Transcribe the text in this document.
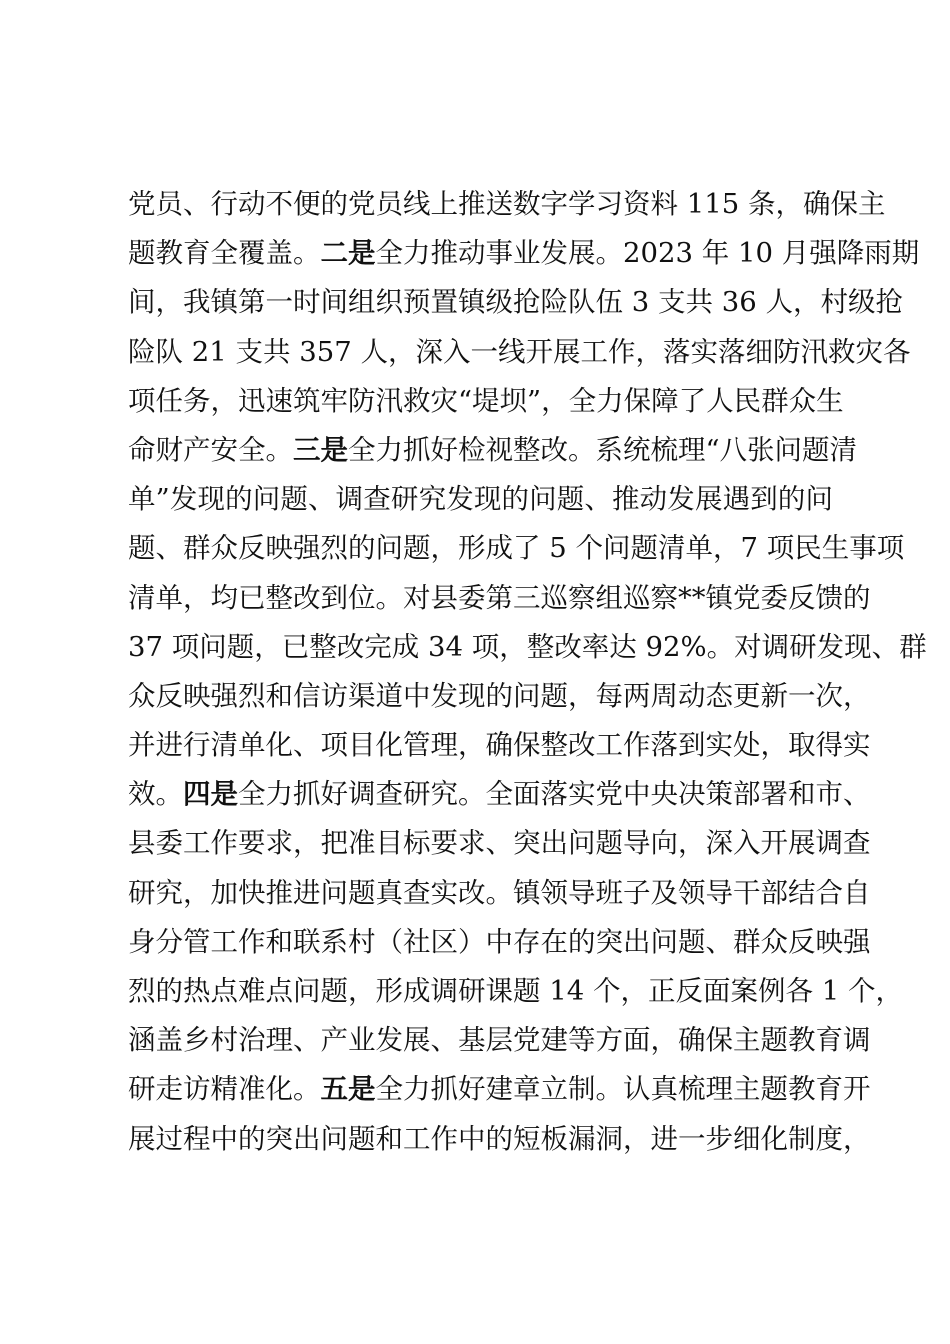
党员、行动不便的党员线上推送数字学习资料 115 条，确保主
题教育全覆盖。二是全力推动事业发展。2023 年 10 月强降雨期
间，我镇第一时间组织预置镇级抢险队伍 3 支共 36 人，村级抢
险队 21 支共 357 人，深入一线开展工作，落实落细防汛救灾各
项任务，迅速筑牢防汛救灾“堤坝”，全力保障了人民群众生
命财产安全。三是全力抓好检视整改。系统梳理“八张问题清
单”发现的问题、调查研究发现的问题、推动发展遇到的问
题、群众反映强烈的问题，形成了 5 个问题清单，7 项民生事项
清单，均已整改到位。对县委第三巡察组巡察**镇党委反馈的
37 项问题，已整改完成 34 项，整改率达 92%。对调研发现、群
众反映强烈和信访渠道中发现的问题，每两周动态更新一次，
并进行清单化、项目化管理，确保整改工作落到实处，取得实
效。四是全力抓好调查研究。全面落实党中央决策部署和市、
县委工作要求，把准目标要求、突出问题导向，深入开展调查
研究，加快推进问题真查实改。镇领导班子及领导干部结合自
身分管工作和联系村（社区）中存在的突出问题、群众反映强
烈的热点难点问题，形成调研课题 14 个，正反面案例各 1 个，
涵盖乡村治理、产业发展、基层党建等方面，确保主题教育调
研走访精准化。五是全力抓好建章立制。认真梳理主题教育开
展过程中的突出问题和工作中的短板漏洞，进一步细化制度，
